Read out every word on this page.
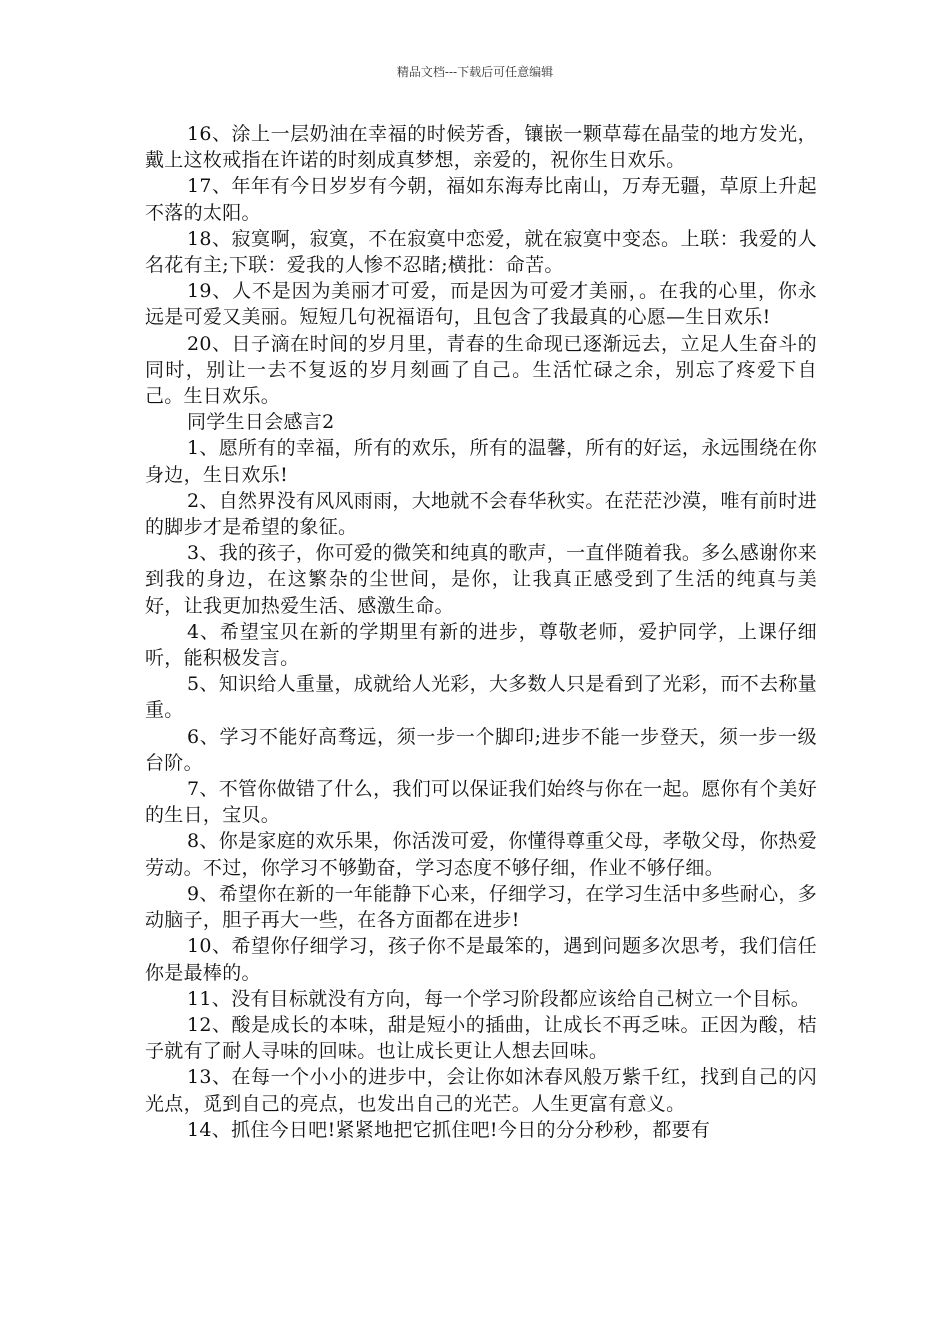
精品文档---下载后可任意编辑

16、涂上一层奶油在幸福的时候芳香，镶嵌一颗草莓在晶莹的地方发光，戴上这枚戒指在许诺的时刻成真梦想，亲爱的，祝你生日欢乐。

17、年年有今日岁岁有今朝，福如东海寿比南山，万寿无疆，草原上升起不落的太阳。

18、寂寞啊，寂寞，不在寂寞中恋爱，就在寂寞中变态。上联：我爱的人名花有主;下联：爱我的人惨不忍睹;横批：命苦。

19、人不是因为美丽才可爱，而是因为可爱才美丽，。在我的心里，你永远是可爱又美丽。短短几句祝福语句，且包含了我最真的心愿—生日欢乐!

20、日子滴在时间的岁月里，青春的生命现已逐渐远去，立足人生奋斗的同时，别让一去不复返的岁月刻画了自己。生活忙碌之余，别忘了疼爱下自己。生日欢乐。

同学生日会感言2

1、愿所有的幸福，所有的欢乐，所有的温馨，所有的好运，永远围绕在你身边，生日欢乐!

2、自然界没有风风雨雨，大地就不会春华秋实。在茫茫沙漠，唯有前时进的脚步才是希望的象征。

3、我的孩子，你可爱的微笑和纯真的歌声，一直伴随着我。多么感谢你来到我的身边，在这繁杂的尘世间，是你，让我真正感受到了生活的纯真与美好，让我更加热爱生活、感激生命。

4、希望宝贝在新的学期里有新的进步，尊敬老师，爱护同学，上课仔细听，能积极发言。

5、知识给人重量，成就给人光彩，大多数人只是看到了光彩，而不去称量重。

6、学习不能好高骛远，须一步一个脚印;进步不能一步登天，须一步一级台阶。

7、不管你做错了什么，我们可以保证我们始终与你在一起。愿你有个美好的生日，宝贝。

8、你是家庭的欢乐果，你活泼可爱，你懂得尊重父母，孝敬父母，你热爱劳动。不过，你学习不够勤奋，学习态度不够仔细，作业不够仔细。

9、希望你在新的一年能静下心来，仔细学习，在学习生活中多些耐心，多动脑子，胆子再大一些，在各方面都在进步!

10、希望你仔细学习，孩子你不是最笨的，遇到问题多次思考，我们信任你是最棒的。

11、没有目标就没有方向，每一个学习阶段都应该给自己树立一个目标。

12、酸是成长的本味，甜是短小的插曲，让成长不再乏味。正因为酸，桔子就有了耐人寻味的回味。也让成长更让人想去回味。

13、在每一个小小的进步中，会让你如沐春风般万紫千红，找到自己的闪光点，觅到自己的亮点，也发出自己的光芒。人生更富有意义。

14、抓住今日吧!紧紧地把它抓住吧!今日的分分秒秒，都要有
